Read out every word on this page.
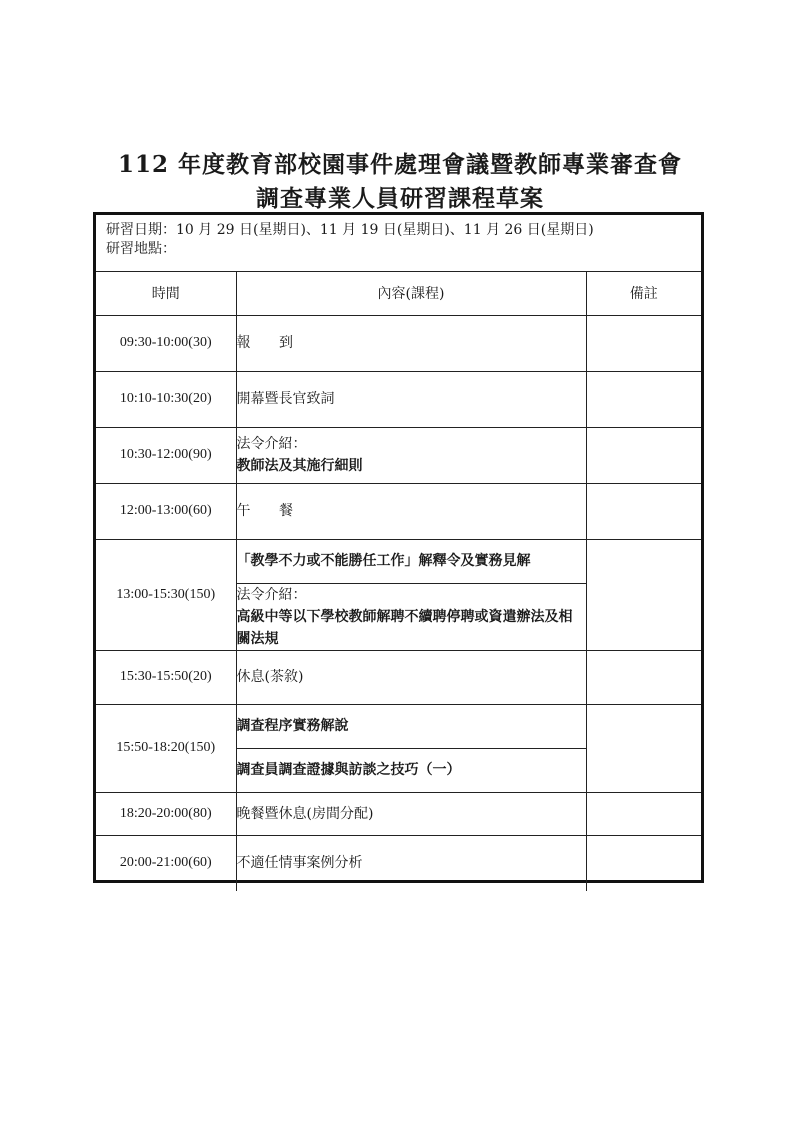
112 年度教育部校園事件處理會議暨教師專業審查會
調查專業人員研習課程草案
研習日期：10 月 29 日(星期日)、11 月 19 日(星期日)、11 月 26 日(星期日)
研習地點：
時間	內容(課程)	備註
09:30-10:00(30)	報 到	
10:10-10:30(20)	開幕暨長官致詞	
10:30-12:00(90)	法令介紹：
教師法及其施行細則	

12:00-13:00(60)	午 餐	
13:00-15:30(150)	「教學不力或不能勝任工作」解釋令及實務見解	

	法令介紹：
高級中等以下學校教師解聘不續聘停聘或資遣辦法及相關法規	

15:30-15:50(20)	休息(茶敘)	
15:50-18:20(150)	調查程序實務解說	
	調查員調查證據與訪談之技巧（一）	
18:20-20:00(80)	晚餐暨休息(房間分配)	
20:00-21:00(60)	不適任情事案例分析	
